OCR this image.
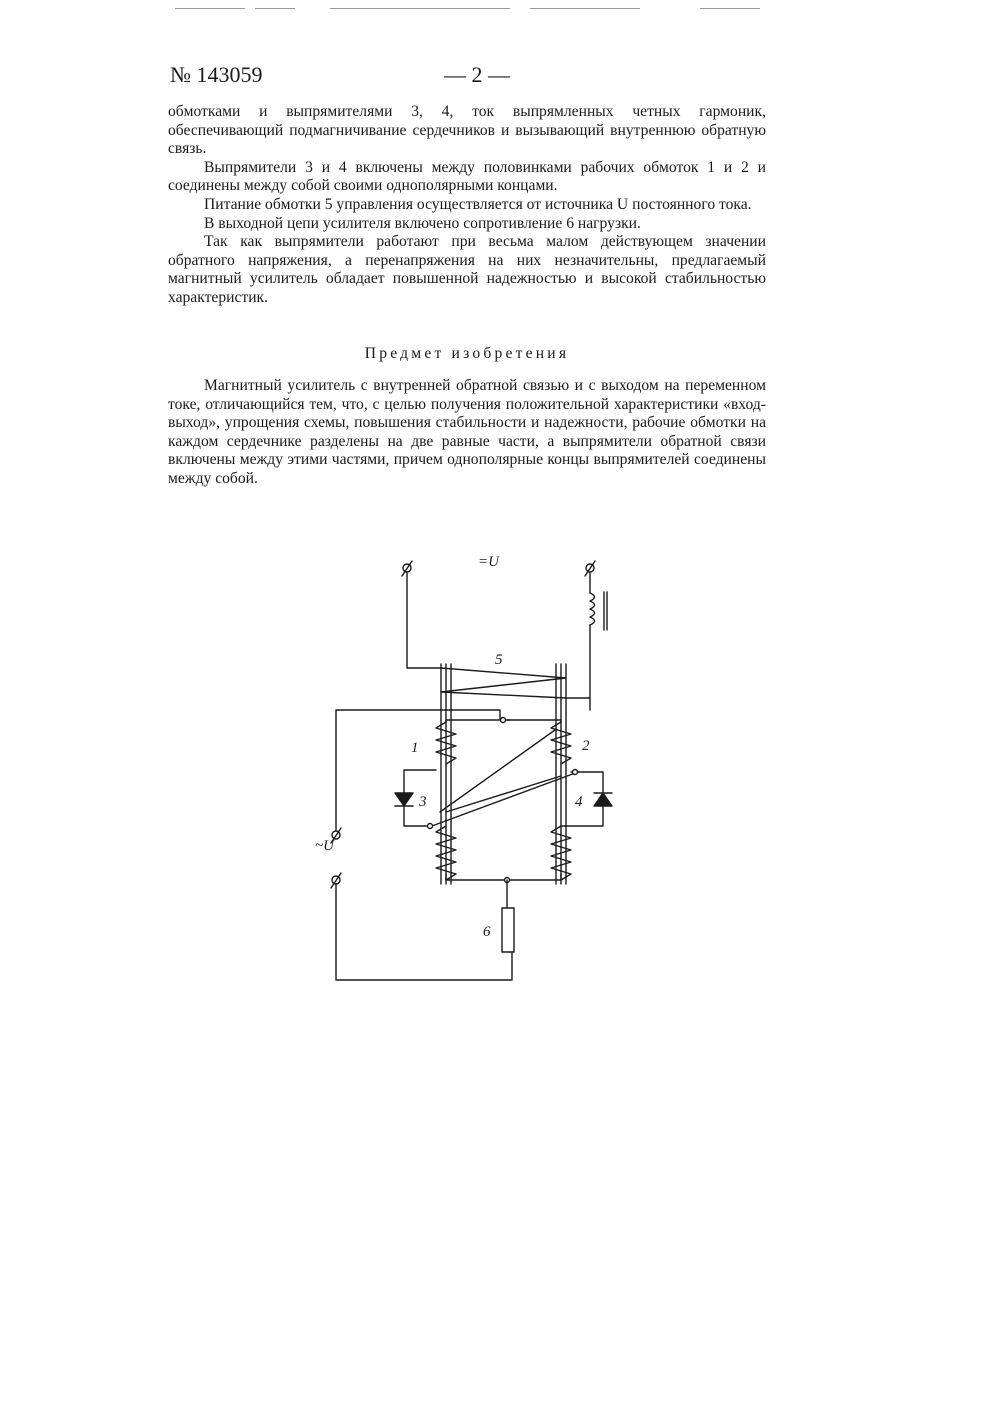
№ 143059	— 2 —

обмотками и выпрямителями 3, 4, ток выпрямленных четных гармоник, обеспечивающий подмагничивание сердечников и вызывающий внутреннюю обратную связь.

Выпрямители 3 и 4 включены между половинками рабочих обмоток 1 и 2 и соединены между собой своими однополярными концами.

Питание обмотки 5 управления осуществляется от источника U постоянного тока.

В выходной цепи усилителя включено сопротивление 6 нагрузки.

Так как выпрямители работают при весьма малом действующем значении обратного напряжения, а перенапряжения на них незначительны, предлагаемый магнитный усилитель обладает повышенной надежностью и высокой стабильностью характеристик.

Предмет изобретения

Магнитный усилитель с внутренней обратной связью и с выходом на переменном токе, отличающийся тем, что, с целью получения положительной характеристики «вход-выход», упрощения схемы, повышения стабильности и надежности, рабочие обмотки на каждом сердечнике разделены на две равные части, а выпрямители обратной связи включены между этими частями, причем однополярные концы выпрямителей соединены между собой.

=U
~U
1	2
3	4
5
6
